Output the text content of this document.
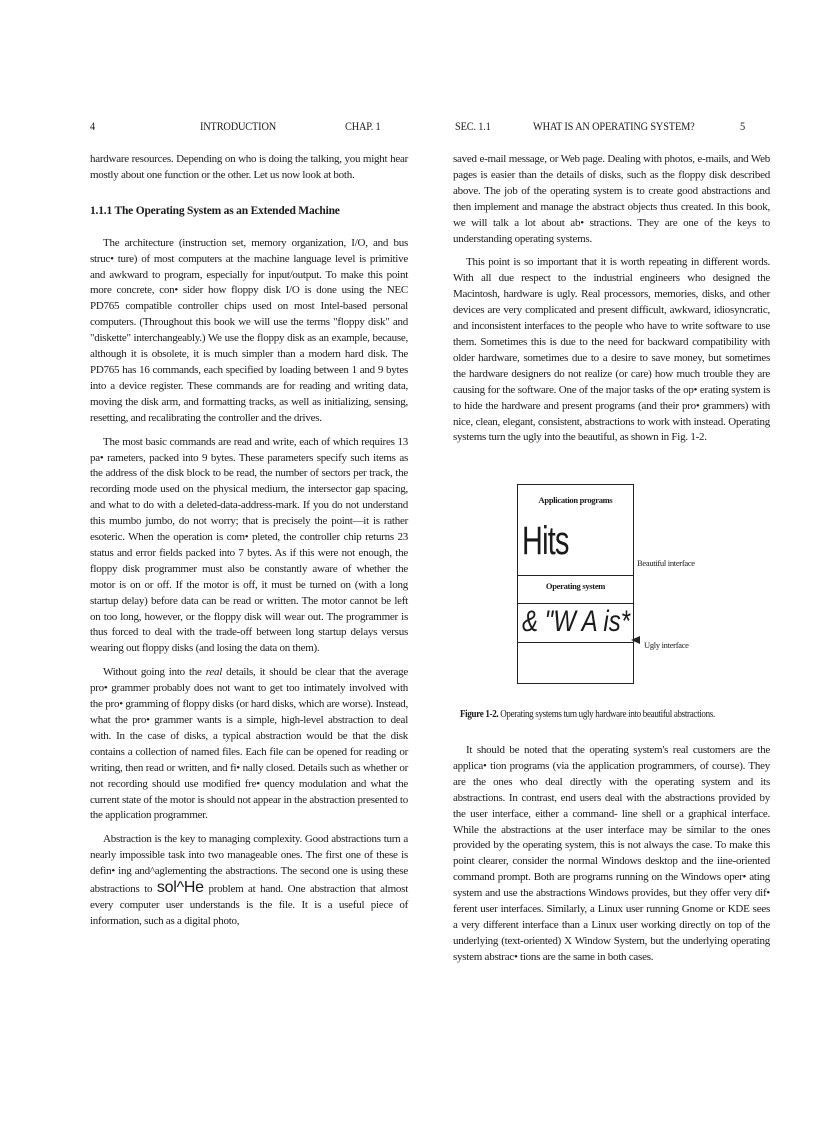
4	INTRODUCTION	CHAP. 1

hardware resources. Depending on who is doing the talking, you might hear mostly about one function or the other. Let us now look at both.

1.1.1 The Operating System as an Extended Machine

The architecture (instruction set, memory organization, I/O, and bus struc• ture) of most computers at the machine language level is primitive and awkward to program, especially for input/output. To make this point more concrete, con• sider how floppy disk I/O is done using the NEC PD765 compatible controller chips used on most Intel-based personal computers. (Throughout this book we will use the terms "floppy disk" and "diskette" interchangeably.) We use the floppy disk as an example, because, although it is obsolete, it is much simpler than a modern hard disk. The PD765 has 16 commands, each specified by loading between 1 and 9 bytes into a device register. These commands are for reading and writing data, moving the disk arm, and formatting tracks, as well as initializing, sensing, resetting, and recalibrating the controller and the drives.

The most basic commands are read and write, each of which requires 13 pa• rameters, packed into 9 bytes. These parameters specify such items as the address of the disk block to be read, the number of sectors per track, the recording mode used on the physical medium, the intersector gap spacing, and what to do with a deleted-data-address-mark. If you do not understand this mumbo jumbo, do not worry; that is precisely the point—it is rather esoteric. When the operation is com• pleted, the controller chip returns 23 status and error fields packed into 7 bytes. As if this were not enough, the floppy disk programmer must also be constantly aware of whether the motor is on or off. If the motor is off, it must be turned on (with a long startup delay) before data can be read or written. The motor cannot be left on too long, however, or the floppy disk will wear out. The programmer is thus forced to deal with the trade-off between long startup delays versus wearing out floppy disks (and losing the data on them).

Without going into the real details, it should be clear that the average pro• grammer probably does not want to get too intimately involved with the pro• gramming of floppy disks (or hard disks, which are worse). Instead, what the pro• grammer wants is a simple, high-level abstraction to deal with. In the case of disks, a typical abstraction would be that the disk contains a collection of named files. Each file can be opened for reading or writing, then read or written, and fi• nally closed. Details such as whether or not recording should use modified fre• quency modulation and what the current state of the motor is should not appear in the abstraction presented to the application programmer.

Abstraction is the key to managing complexity. Good abstractions turn a nearly impossible task into two manageable ones. The first one of these is defin• ing and^aglementing the abstractions. The second one is using these abstractions to sol^He problem at hand. One abstraction that almost every computer user understands is the file. It is a useful piece of information, such as a digital photo,

SEC. 1.1	WHAT IS AN OPERATING SYSTEM?	5

saved e-mail message, or Web page. Dealing with photos, e-mails, and Web pages is easier than the details of disks, such as the floppy disk described above. The job of the operating system is to create good abstractions and then implement and manage the abstract objects thus created. In this book, we will talk a lot about ab• stractions. They are one of the keys to understanding operating systems.

This point is so important that it is worth repeating in different words. With all due respect to the industrial engineers who designed the Macintosh, hardware is ugly. Real processors, memories, disks, and other devices are very complicated and present difficult, awkward, idiosyncratic, and inconsistent interfaces to the people who have to write software to use them. Sometimes this is due to the need for backward compatibility with older hardware, sometimes due to a desire to save money, but sometimes the hardware designers do not realize (or care) how much trouble they are causing for the software. One of the major tasks of the op• erating system is to hide the hardware and present programs (and their pro• grammers) with nice, clean, elegant, consistent, abstractions to work with instead. Operating systems turn the ugly into the beautiful, as shown in Fig. 1-2.

Application programs
Hits
Operating system
& "W A is*
Beautiful interface
Ugly interface
Figure 1-2. Operating systems turn ugly hardware into beautiful abstractions.

It should be noted that the operating system's real customers are the applica• tion programs (via the application programmers, of course). They are the ones who deal directly with the operating system and its abstractions. In contrast, end users deal with the abstractions provided by the user interface, either a command- line shell or a graphical interface. While the abstractions at the user interface may be similar to the ones provided by the operating system, this is not always the case. To make this point clearer, consider the normal Windows desktop and the iine-oriented command prompt. Both are programs running on the Windows oper• ating system and use the abstractions Windows provides, but they offer very dif• ferent user interfaces. Similarly, a Linux user running Gnome or KDE sees a very different interface than a Linux user working directly on top of the underlying (text-oriented) X Window System, but the underlying operating system abstrac• tions are the same in both cases.
